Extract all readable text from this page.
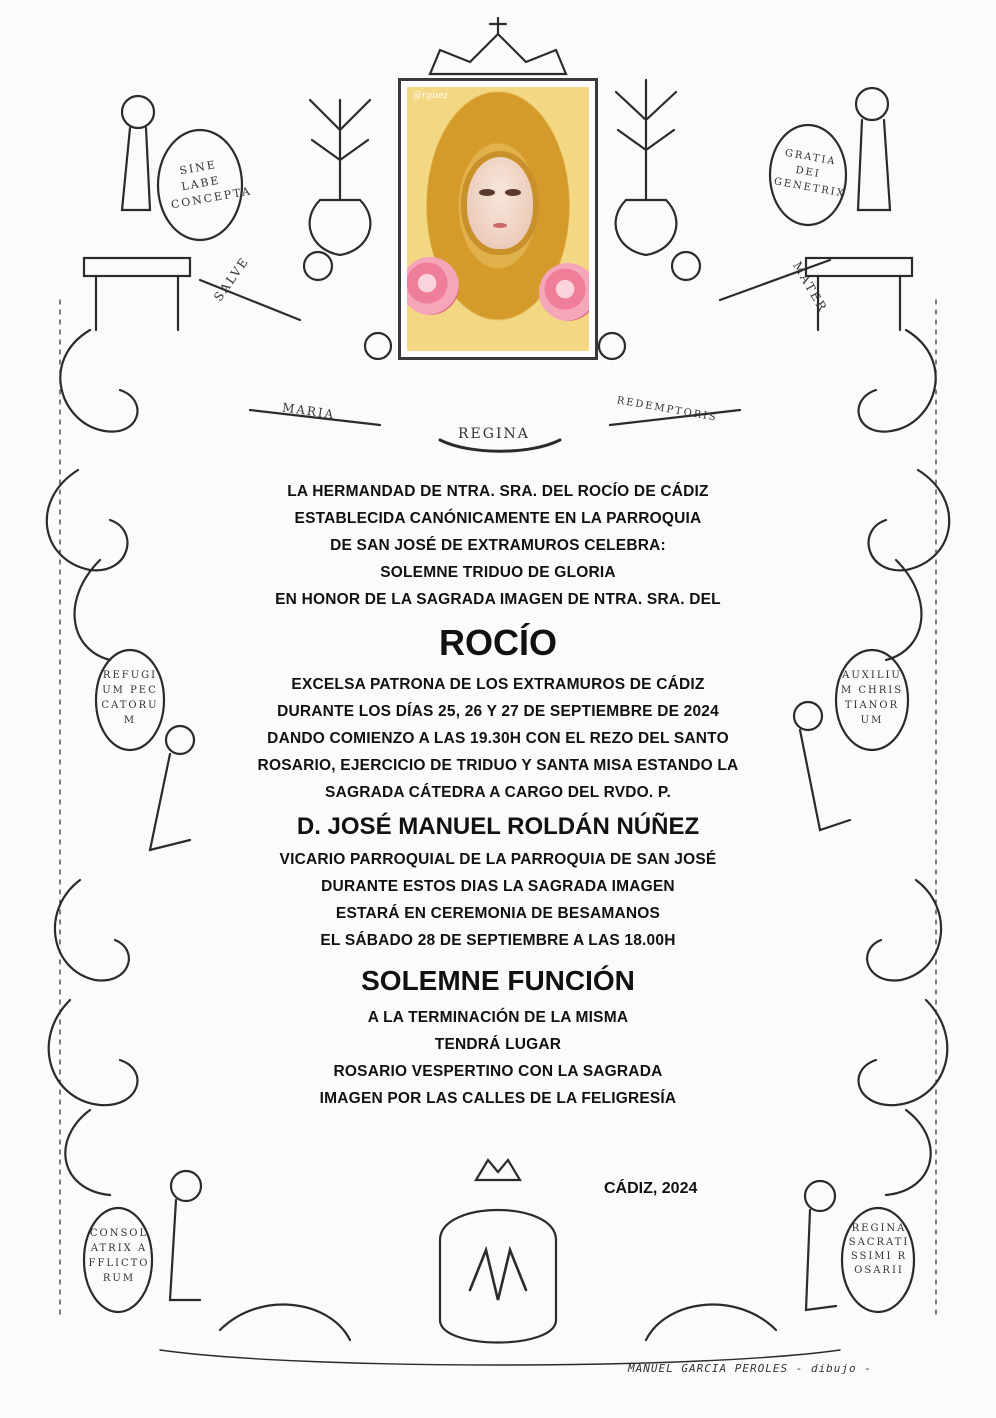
SALVE	MATER
MARIA
REGINA
REDEMPTORIS
SINE LABE CONCEPTA
GRATIA DEI GENETRIX
REFUGIUM PECCATORUM
AUXILIUM CHRISTIANORUM
CONSOLATRIX AFFLICTORUM
REGINA SACRATISSIMI ROSARII
@rguez
LA HERMANDAD DE NTRA. SRA. DEL ROCÍO DE CÁDIZ
ESTABLECIDA CANÓNICAMENTE EN LA PARROQUIA
DE SAN JOSÉ DE EXTRAMUROS CELEBRA:
SOLEMNE TRIDUO DE GLORIA
EN HONOR DE LA SAGRADA IMAGEN DE NTRA. SRA. DEL
ROCÍO
EXCELSA PATRONA DE LOS EXTRAMUROS DE CÁDIZ
DURANTE LOS DÍAS 25, 26 Y 27 DE SEPTIEMBRE DE 2024
DANDO COMIENZO A LAS 19.30H CON EL REZO DEL SANTO
ROSARIO, EJERCICIO DE TRIDUO Y SANTA MISA ESTANDO LA
SAGRADA CÁTEDRA A CARGO DEL RVDO. P.
D. JOSÉ MANUEL ROLDÁN NÚÑEZ
VICARIO PARROQUIAL DE LA PARROQUIA DE SAN JOSÉ
DURANTE ESTOS DIAS LA SAGRADA IMAGEN
ESTARÁ EN CEREMONIA DE BESAMANOS
EL SÁBADO 28 DE SEPTIEMBRE A LAS 18.00H
SOLEMNE FUNCIÓN
A LA TERMINACIÓN DE LA MISMA
TENDRÁ LUGAR
ROSARIO VESPERTINO CON LA SAGRADA
IMAGEN POR LAS CALLES DE LA FELIGRESÍA
CÁDIZ, 2024
MANUEL GARCIA PEROLES - dibujo -
